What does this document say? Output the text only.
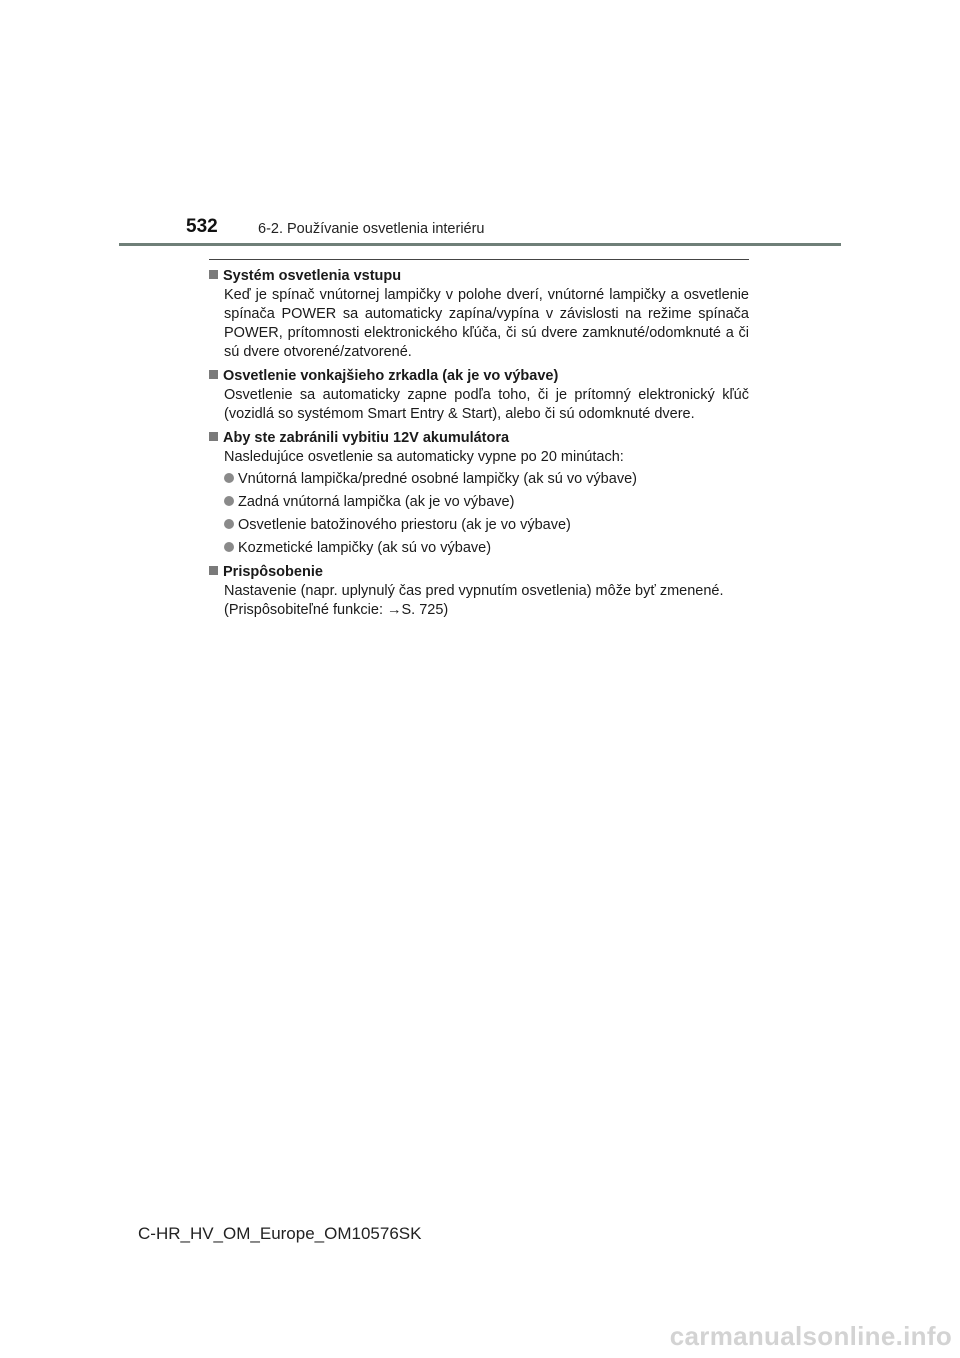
532	6-2. Používanie osvetlenia interiéru
Systém osvetlenia vstupu
Keď je spínač vnútornej lampičky v polohe dverí, vnútorné lampičky a osvetlenie spínača POWER sa automaticky zapína/vypína v závislosti na režime spínača POWER, prítomnosti elektronického kľúča, či sú dvere zamknuté/odomknuté a či sú dvere otvorené/zatvorené.
Osvetlenie vonkajšieho zrkadla (ak je vo výbave)
Osvetlenie sa automaticky zapne podľa toho, či je prítomný elektronický kľúč (vozidlá so systémom Smart Entry & Start), alebo či sú odomknuté dvere.
Aby ste zabránili vybitiu 12V akumulátora
Nasledujúce osvetlenie sa automaticky vypne po 20 minútach:
Vnútorná lampička/predné osobné lampičky (ak sú vo výbave)
Zadná vnútorná lampička (ak je vo výbave)
Osvetlenie batožinového priestoru (ak je vo výbave)
Kozmetické lampičky (ak sú vo výbave)
Prispôsobenie
Nastavenie (napr. uplynulý čas pred vypnutím osvetlenia) môže byť zmenené.
(Prispôsobiteľné funkcie: →S. 725)
C-HR_HV_OM_Europe_OM10576SK
carmanualsonline.info
